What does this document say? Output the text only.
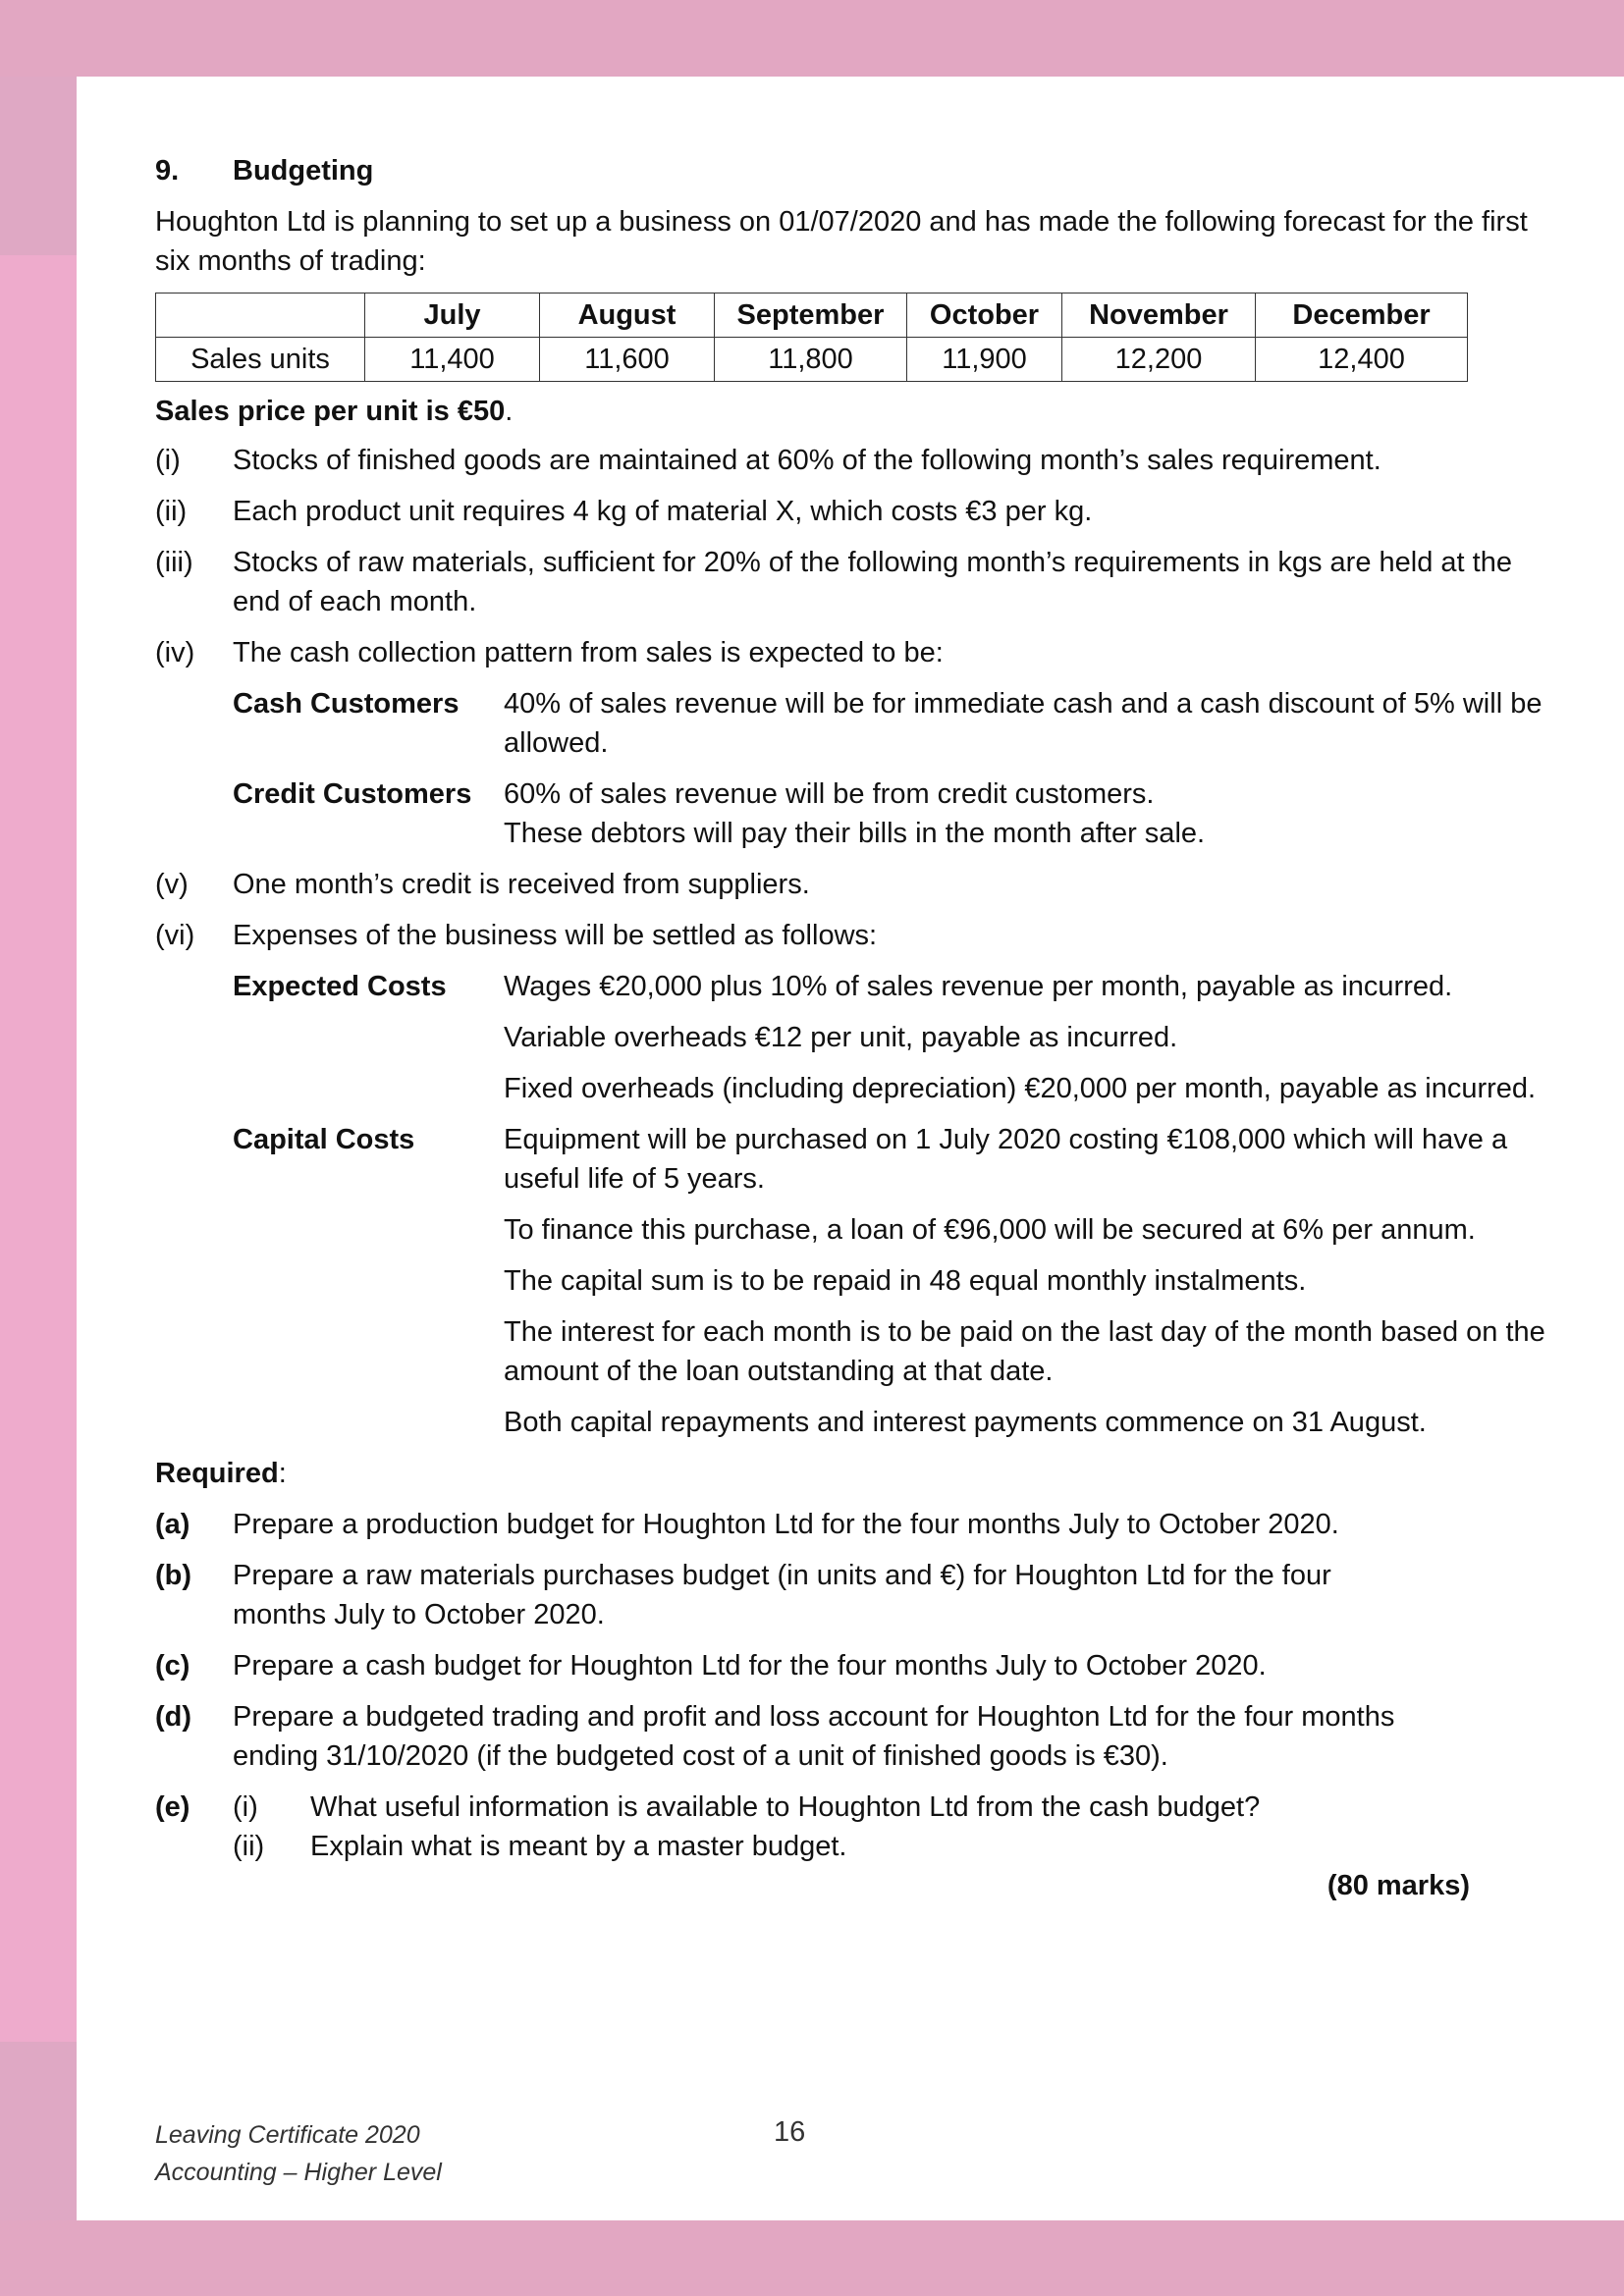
9.	Budgeting

Houghton Ltd is planning to set up a business on 01/07/2020 and has made the following forecast for the first six months of trading:

	July	August	September	October	November	December
Sales units	11,400	11,600	11,800	11,900	12,200	12,400
Sales price per unit is €50.
(i)	Stocks of finished goods are maintained at 60% of the following month’s sales requirement.
(ii)	Each product unit requires 4 kg of material X, which costs €3 per kg.
(iii)	Stocks of raw materials, sufficient for 20% of the following month’s requirements in kgs are held at the end of each month.
(iv)	The cash collection pattern from sales is expected to be:
Cash Customers	40% of sales revenue will be for immediate cash and a cash discount of 5% will be allowed.
Credit Customers	60% of sales revenue will be from credit customers.
These debtors will pay their bills in the month after sale.
(v)	One month’s credit is received from suppliers.
(vi)	Expenses of the business will be settled as follows:
Expected Costs	Wages €20,000 plus 10% of sales revenue per month, payable as incurred.

Variable overheads €12 per unit, payable as incurred.

Fixed overheads (including depreciation) €20,000 per month, payable as incurred.

Capital Costs	Equipment will be purchased on 1 July 2020 costing €108,000 which will have a useful life of 5 years.

To finance this purchase, a loan of €96,000 will be secured at 6% per annum.

The capital sum is to be repaid in 48 equal monthly instalments.

The interest for each month is to be paid on the last day of the month based on the amount of the loan outstanding at that date.

Both capital repayments and interest payments commence on 31 August.

Required:
(a)	Prepare a production budget for Houghton Ltd for the four months July to October 2020.
(b)	Prepare a raw materials purchases budget (in units and €) for Houghton Ltd for the four months July to October 2020.
(c)	Prepare a cash budget for Houghton Ltd for the four months July to October 2020.
(d)	Prepare a budgeted trading and profit and loss account for Houghton Ltd for the four months ending 31/10/2020 (if the budgeted cost of a unit of finished goods is €30).
(e)	(i)	What useful information is available to Houghton Ltd from the cash budget?
(ii)	Explain what is meant by a master budget.
(80 marks)
Leaving Certificate 2020
Accounting – Higher Level
16
